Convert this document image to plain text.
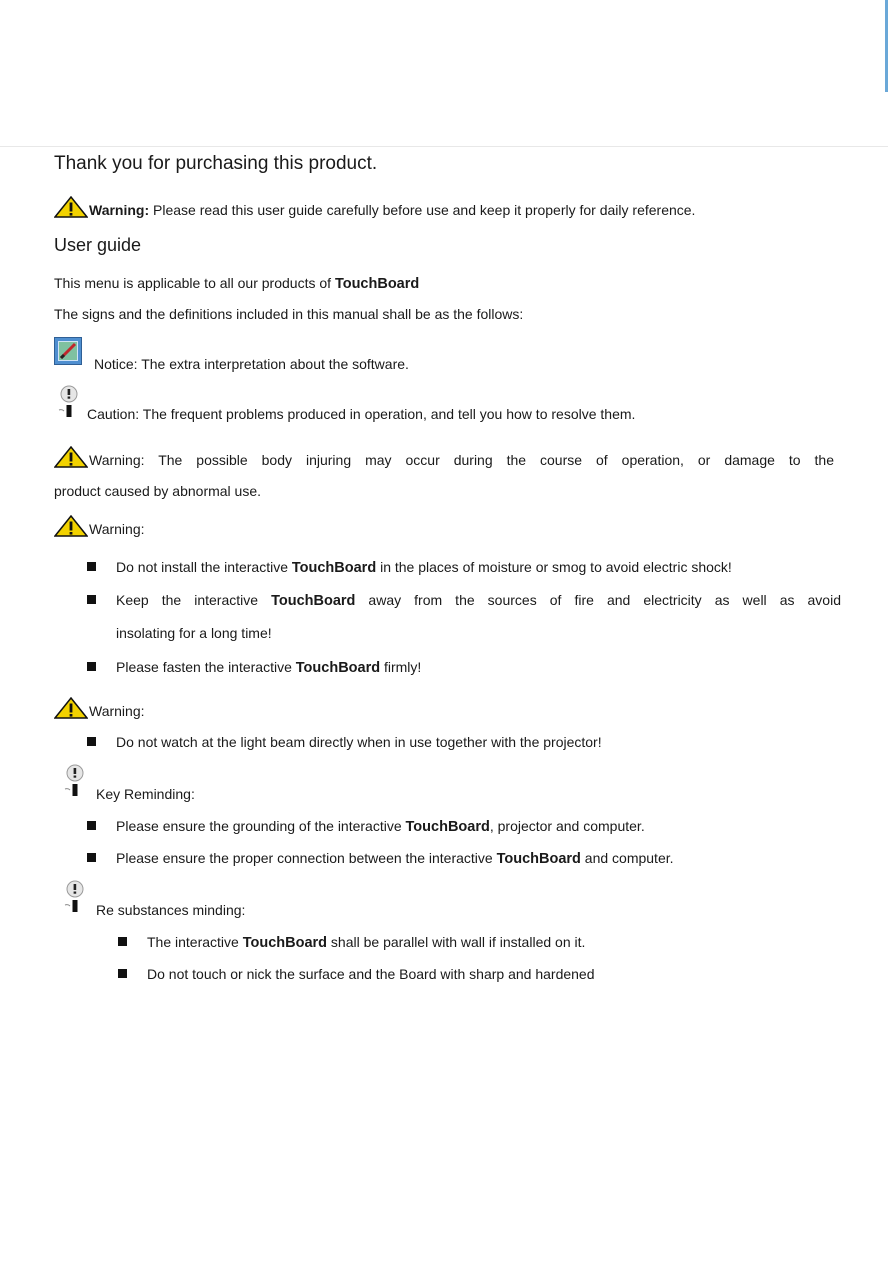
Thank you for purchasing this product.
Warning: Please read this user guide carefully before use and keep it properly for daily reference.
User guide
This menu is applicable to all our products of TouchBoard
The signs and the definitions included in this manual shall be as the follows:
Notice: The extra interpretation about the software.
Caution: The frequent problems produced in operation, and tell you how to resolve them.
Warning: The possible body injuring may occur during the course of operation, or damage to the
product caused by abnormal use.
Warning:
Do not install the interactive TouchBoard in the places of moisture or smog to avoid electric shock!
Keep the interactive TouchBoard away from the sources of fire and electricity as well as avoid
insolating for a long time!
Please fasten the interactive TouchBoard firmly!
Warning:
Do not watch at the light beam directly when in use together with the projector!
Key Reminding:
Please ensure the grounding of the interactive TouchBoard, projector and computer.
Please ensure the proper connection between the interactive TouchBoard and computer.
Re substances minding:
The interactive TouchBoard shall be parallel with wall if installed on it.
Do not touch or nick the surface and the Board with sharp and hardened
